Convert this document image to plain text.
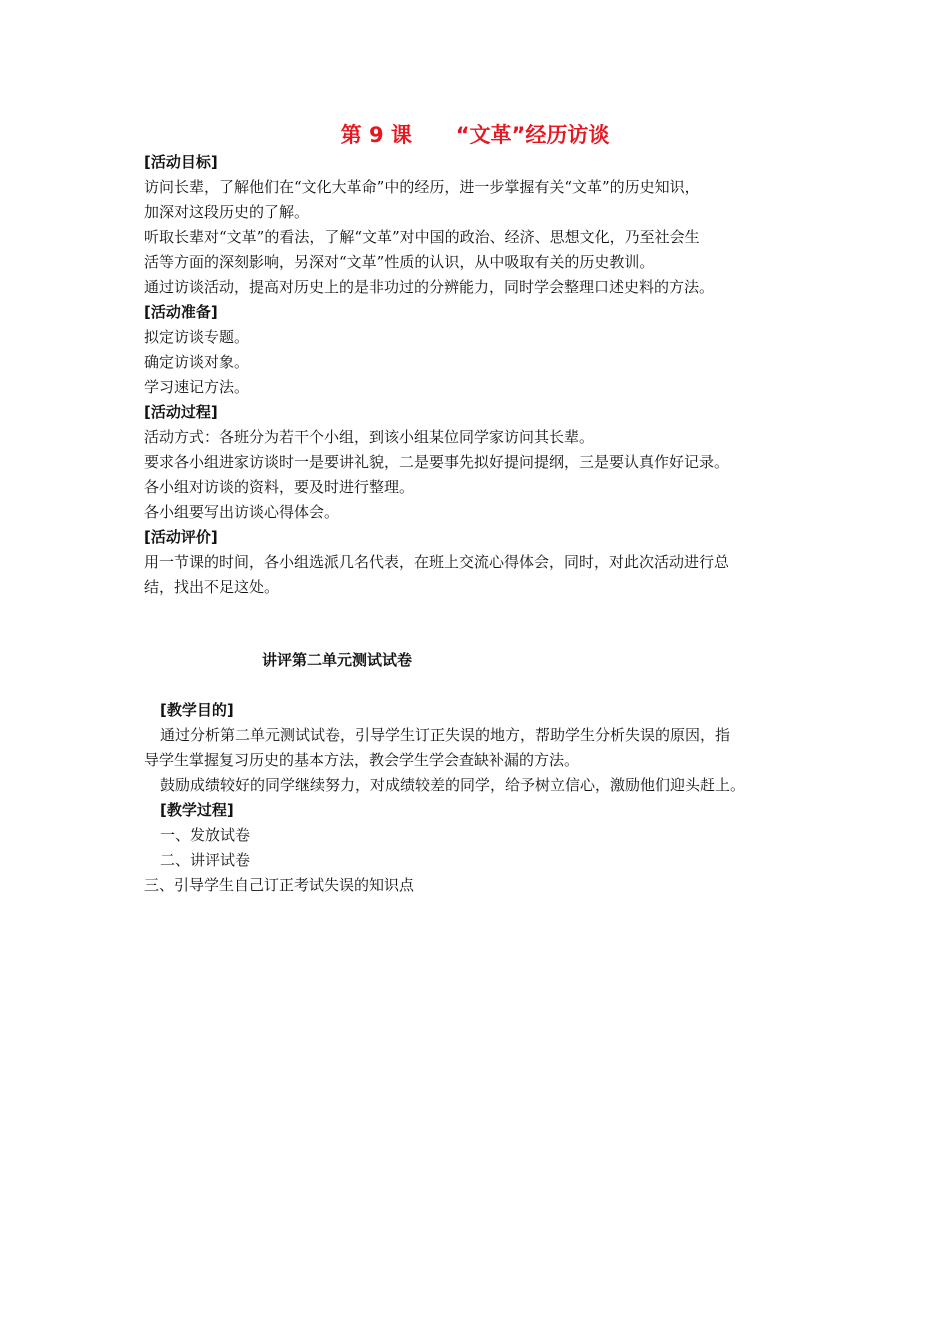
第 9 课      “文革”经历访谈
[活动目标]
访问长辈，了解他们在“文化大革命”中的经历，进一步掌握有关“文革”的历史知识，
加深对这段历史的了解。
听取长辈对“文革”的看法，了解“文革”对中国的政治、经济、思想文化，乃至社会生
活等方面的深刻影响，另深对“文革”性质的认识，从中吸取有关的历史教训。
通过访谈活动，提高对历史上的是非功过的分辨能力，同时学会整理口述史料的方法。
[活动准备]
拟定访谈专题。
确定访谈对象。
学习速记方法。
[活动过程]
活动方式：各班分为若干个小组，到该小组某位同学家访问其长辈。
要求各小组进家访谈时一是要讲礼貌，二是要事先拟好提问提纲，三是要认真作好记录。
各小组对访谈的资料，要及时进行整理。
各小组要写出访谈心得体会。
[活动评价]
用一节课的时间，各小组选派几名代表，在班上交流心得体会，同时，对此次活动进行总
结，找出不足这处。
讲评第二单元测试试卷
[教学目的]
通过分析第二单元测试试卷，引导学生订正失误的地方，帮助学生分析失误的原因，指
导学生掌握复习历史的基本方法，教会学生学会查缺补漏的方法。
鼓励成绩较好的同学继续努力，对成绩较差的同学，给予树立信心，激励他们迎头赶上。
[教学过程]
一、发放试卷
二、讲评试卷
三、引导学生自己订正考试失误的知识点
